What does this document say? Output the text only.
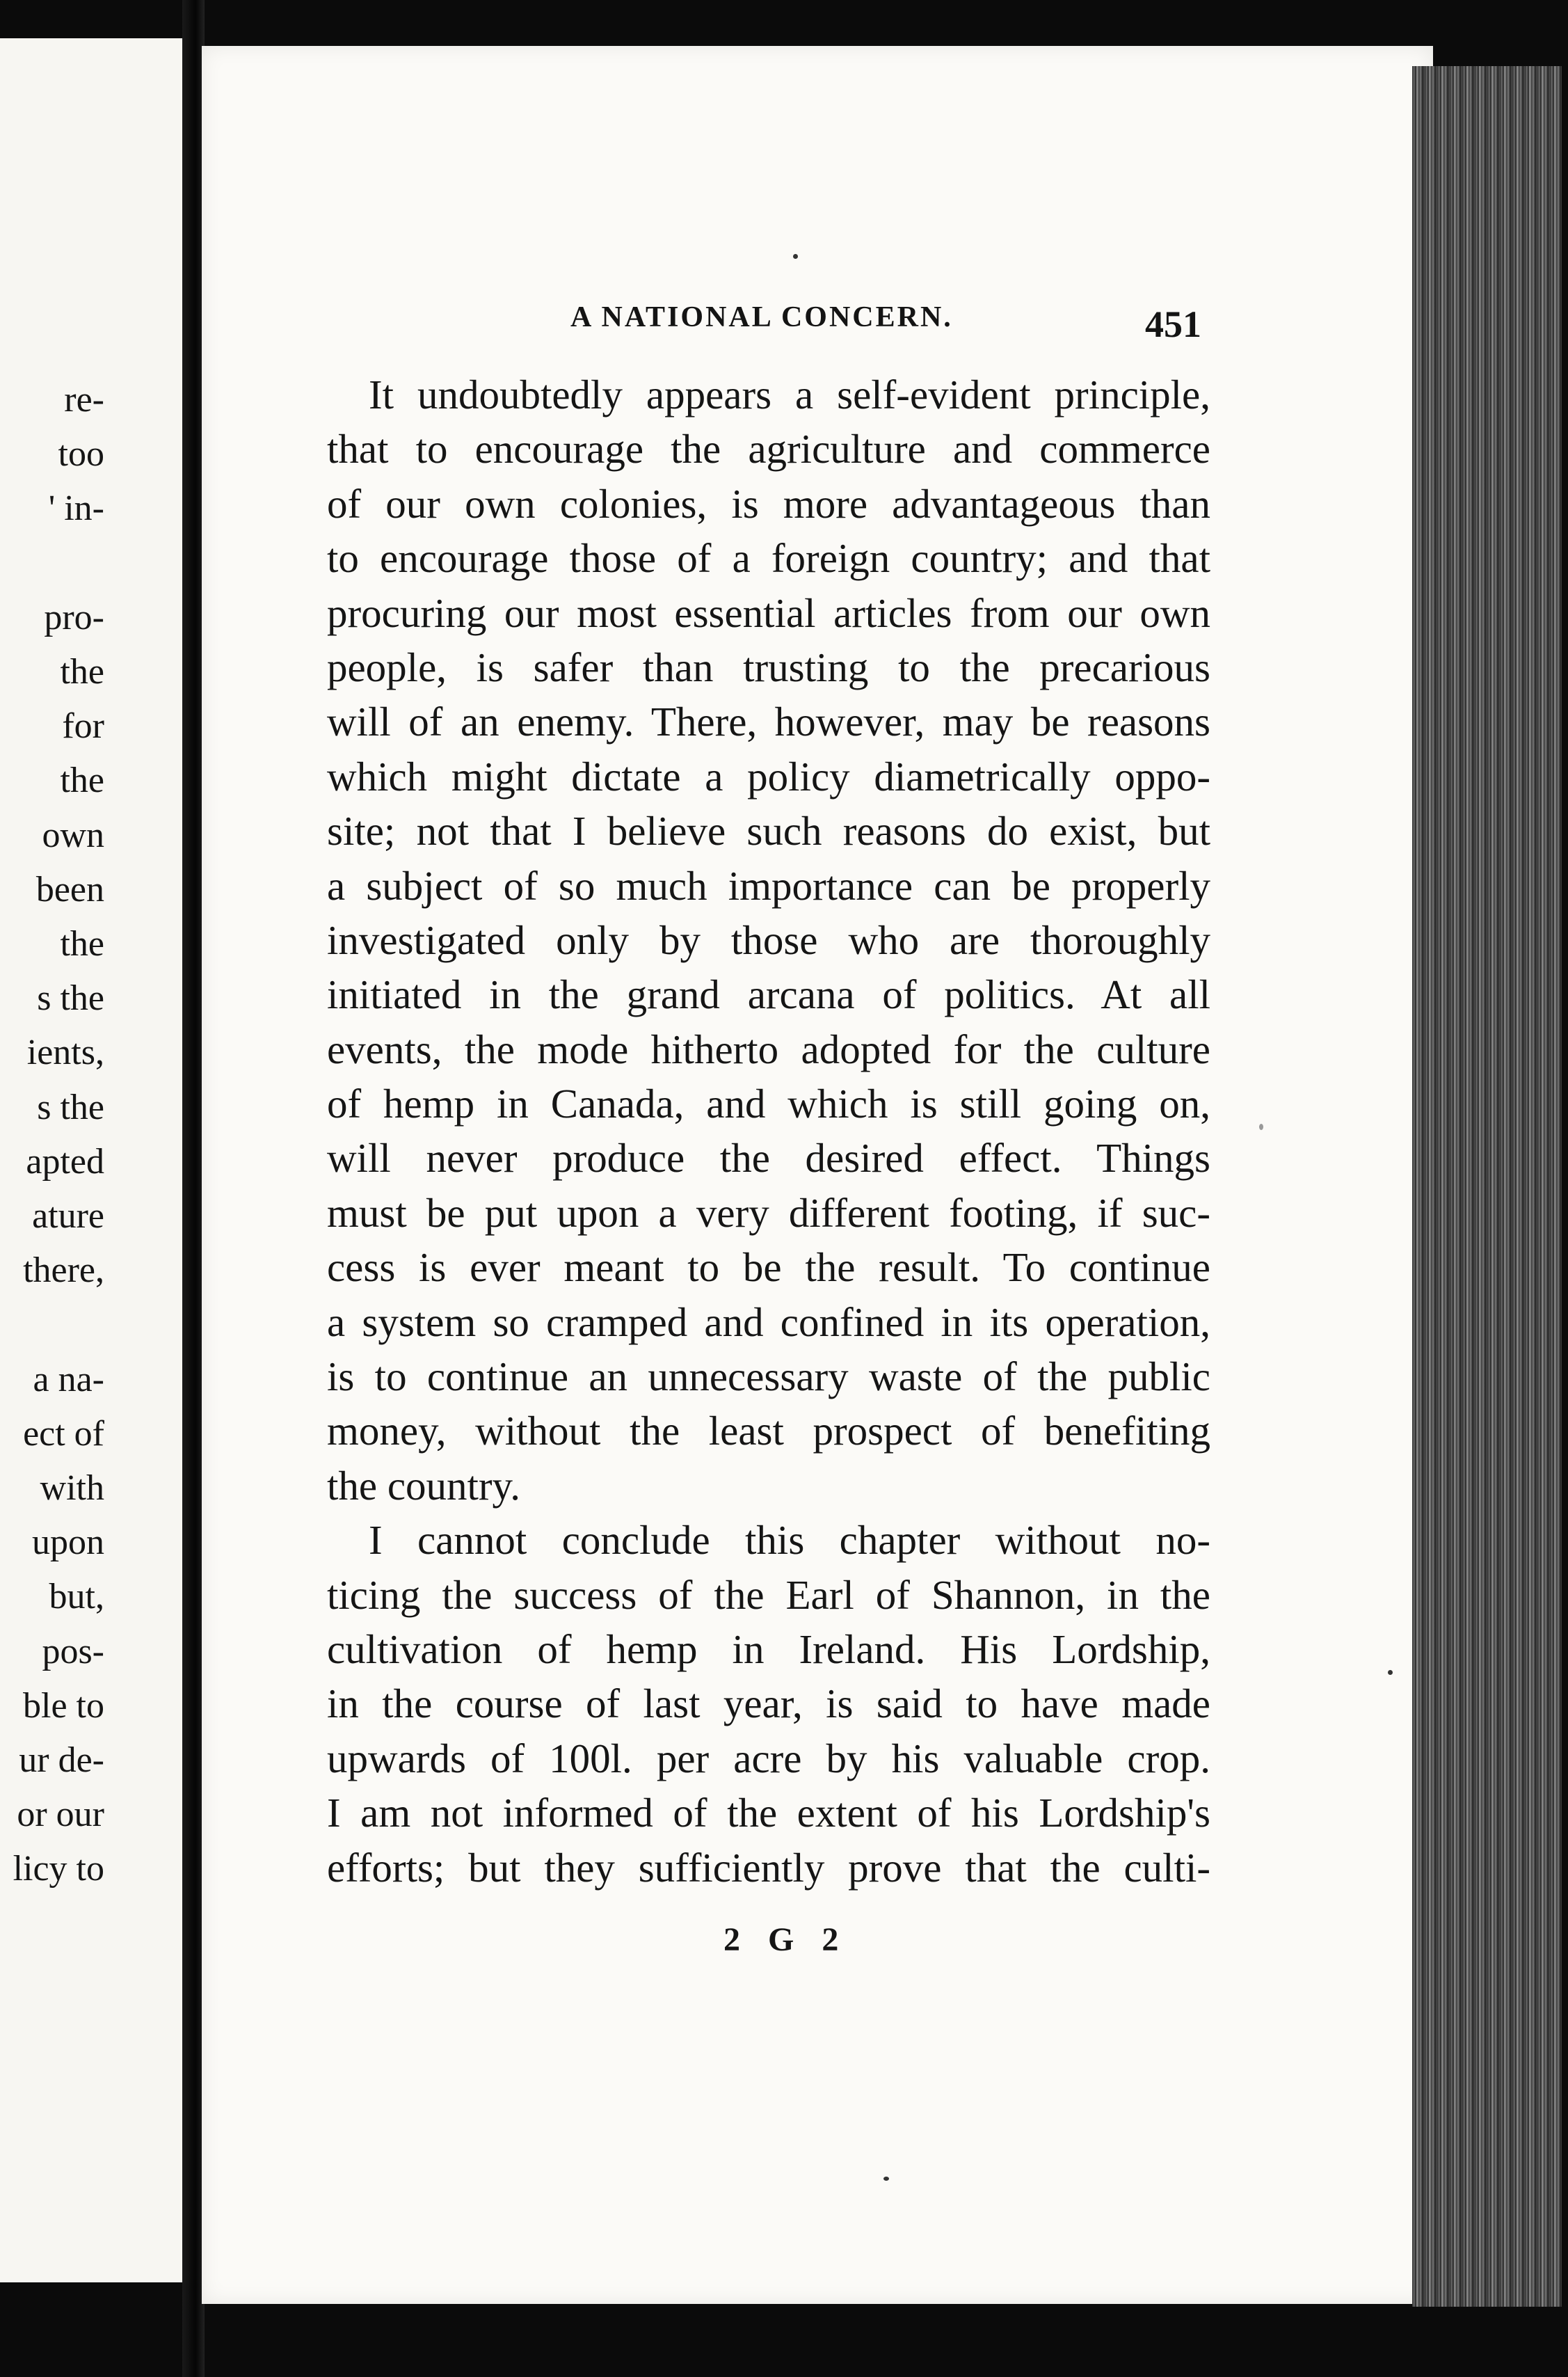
re-
too
' in-
pro-
the
for
the
own
been
the
s the
ients,
s the
apted
ature
there,
a na-
ect of
with
upon
but,
pos-
ble to
ur de-
or our
licy to
A NATIONAL CONCERN.	451
It undoubtedly appears a self-evident principle,
that to encourage the agriculture and commerce
of our own colonies, is more advantageous than
to encourage those of a foreign country; and that
procuring our most essential articles from our own
people, is safer than trusting to the precarious
will of an enemy. There, however, may be reasons
which might dictate a policy diametrically oppo-
site; not that I believe such reasons do exist, but
a subject of so much importance can be properly
investigated only by those who are thoroughly
initiated in the grand arcana of politics. At all
events, the mode hitherto adopted for the culture
of hemp in Canada, and which is still going on,
will never produce the desired effect. Things
must be put upon a very different footing, if suc-
cess is ever meant to be the result. To continue
a system so cramped and confined in its operation,
is to continue an unnecessary waste of the public
money, without the least prospect of benefiting
the country.
I cannot conclude this chapter without no-
ticing the success of the Earl of Shannon, in the
cultivation of hemp in Ireland. His Lordship,
in the course of last year, is said to have made
upwards of 100l. per acre by his valuable crop.
I am not informed of the extent of his Lordship's
efforts; but they sufficiently prove that the culti-
2 G 2
